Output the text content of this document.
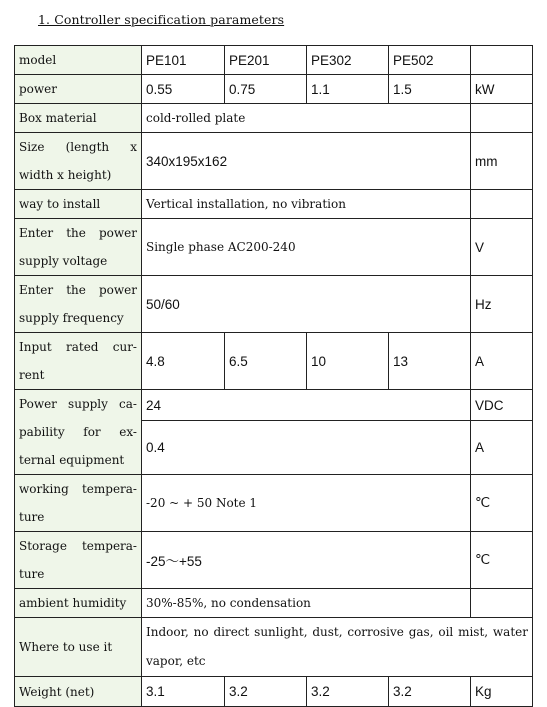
1. Controller specification parameters
model	PE101	PE201	PE302	PE502	
power	0.55	0.75	1.1	1.5	kW
Box material	cold-rolled plate				
Size (length x width x height)	340x195x162				mm
way to install	Vertical installation, no vibration				
Enter the power supply voltage	Single phase AC200-240				V
Enter the power supply frequency	50/60				Hz
Input rated cur- rent	4.8	6.5	10	13	A
Power supply ca- pability for ex- ternal equipment	24				VDC
	0.4				A
working tempera- ture	-20 ~ + 50 Note 1				℃
Storage tempera- ture	-25～+55				℃
ambient humidity	30%-85%, no condensation				
Where to use it	Indoor, no direct sunlight, dust, corrosive gas, oil mist, water vapor, etc				
Weight (net)	3.1	3.2	3.2	3.2	Kg
